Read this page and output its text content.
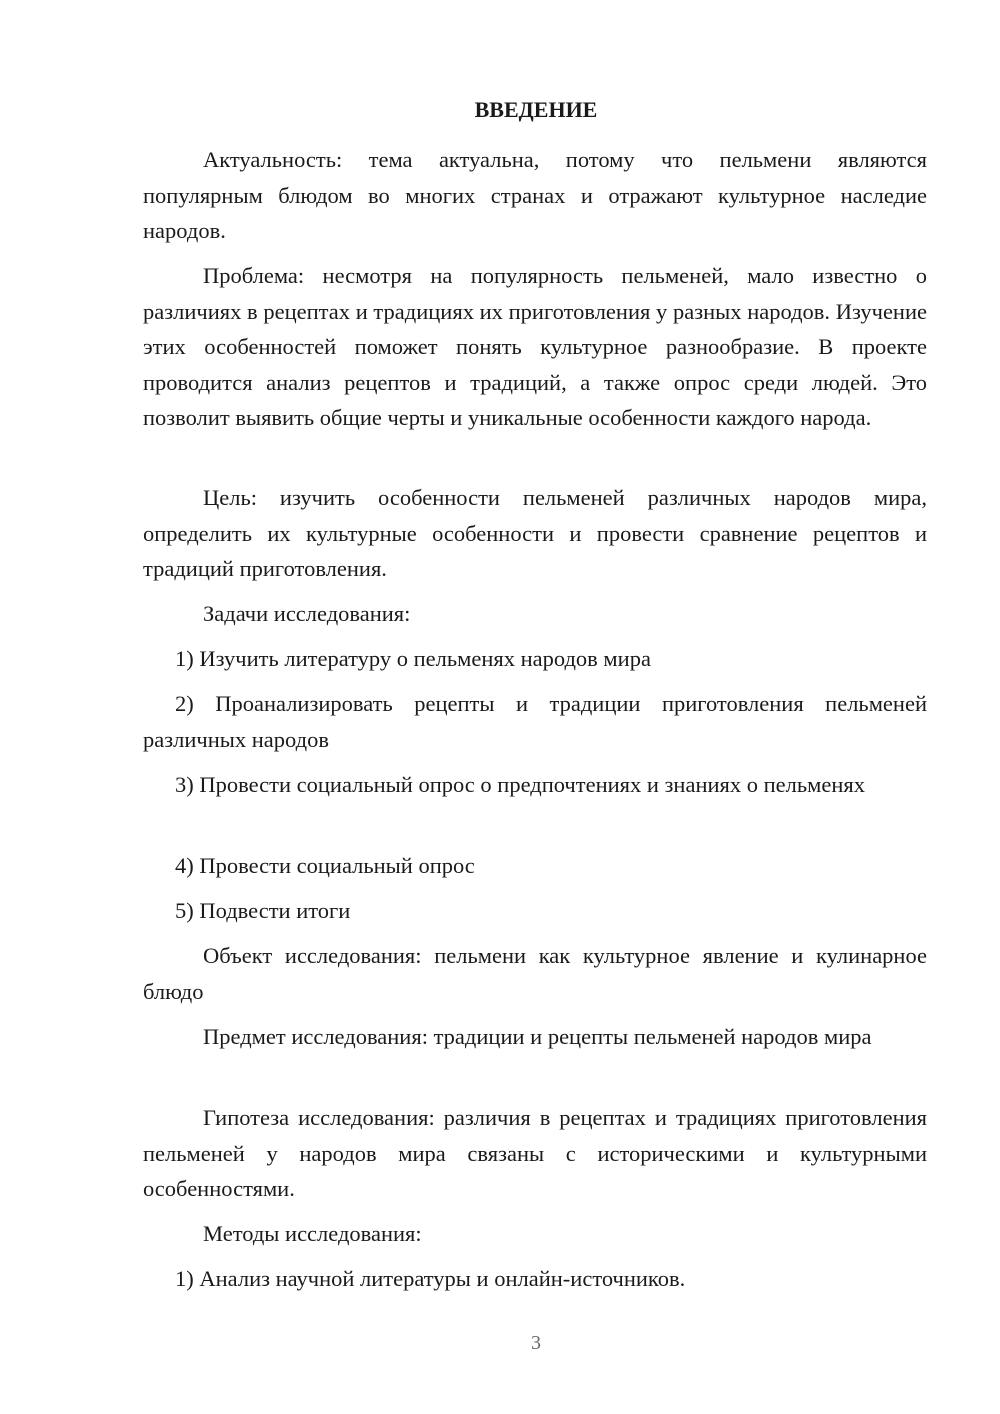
ВВЕДЕНИЕ

Актуальность: тема актуальна, потому что пельмени являются популярным блюдом во многих странах и отражают культурное наследие народов.

Проблема: несмотря на популярность пельменей, мало известно о различиях в рецептах и традициях их приготовления у разных народов. Изучение этих особенностей поможет понять культурное разнообразие. В проекте проводится анализ рецептов и традиций, а также опрос среди людей. Это позволит выявить общие черты и уникальные особенности каждого народа.

Цель: изучить особенности пельменей различных народов мира, определить их культурные особенности и провести сравнение рецептов и традиций приготовления.

Задачи исследования:

1) Изучить литературу о пельменях народов мира

2) Проанализировать рецепты и традиции приготовления пельменей различных народов

3) Провести социальный опрос о предпочтениях и знаниях о пельменях

4) Провести социальный опрос

5) Подвести итоги

Объект исследования: пельмени как культурное явление и кулинарное блюдо

Предмет исследования: традиции и рецепты пельменей народов мира

Гипотеза исследования: различия в рецептах и традициях приготовления пельменей у народов мира связаны с историческими и культурными особенностями.

Методы исследования:

1) Анализ научной литературы и онлайн-источников.

3
